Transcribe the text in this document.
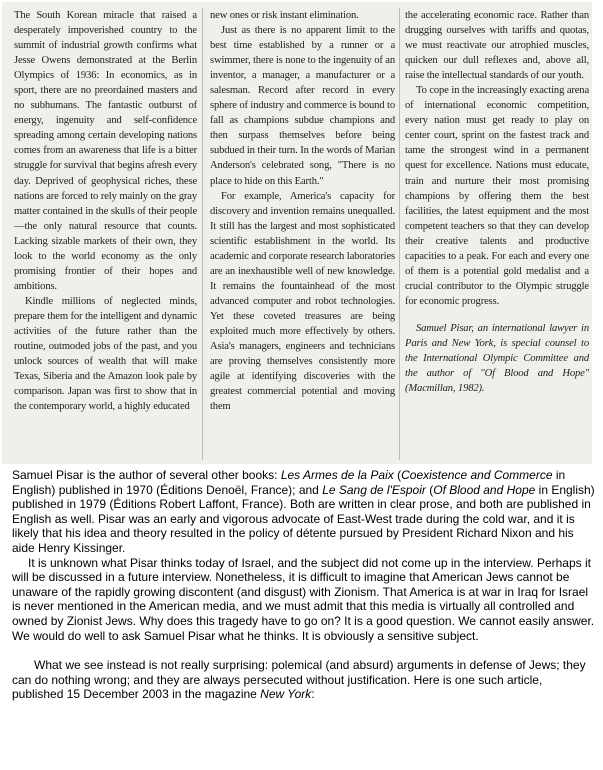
The South Korean miracle that raised a desperately impoverished country to the summit of industrial growth confirms what Jesse Owens demonstrated at the Berlin Olympics of 1936: In economics, as in sport, there are no preordained masters and no subhumans. The fantastic outburst of energy, ingenuity and self-confidence spreading among certain developing nations comes from an awareness that life is a bitter struggle for survival that begins afresh every day. Deprived of geophysical riches, these nations are forced to rely mainly on the gray matter contained in the skulls of their people—the only natural resource that counts. Lacking sizable markets of their own, they look to the world economy as the only promising frontier of their hopes and ambitions.

Kindle millions of neglected minds, prepare them for the intelligent and dynamic activities of the future rather than the routine, outmoded jobs of the past, and you unlock sources of wealth that will make Texas, Siberia and the Amazon look pale by comparison. Japan was first to show that in the contemporary world, a highly educated

new ones or risk instant elimination.

Just as there is no apparent limit to the best time established by a runner or a swimmer, there is none to the ingenuity of an inventor, a manager, a manufacturer or a salesman. Record after record in every sphere of industry and commerce is bound to fall as champions subdue champions and then surpass themselves before being subdued in their turn. In the words of Marian Anderson's celebrated song, "There is no place to hide on this Earth."

For example, America's capacity for discovery and invention remains unequalled. It still has the largest and most sophisticated scientific establishment in the world. Its academic and corporate research laboratories are an inexhaustible well of new knowledge. It remains the fountainhead of the most advanced computer and robot technologies. Yet these coveted treasures are being exploited much more effectively by others. Asia's managers, engineers and technicians are proving themselves consistently more agile at identifying discoveries with the greatest commercial potential and moving them

the accelerating economic race. Rather than drugging ourselves with tariffs and quotas, we must reactivate our atrophied muscles, quicken our dull reflexes and, above all, raise the intellectual standards of our youth.

To cope in the increasingly exacting arena of international economic competition, every nation must get ready to play on center court, sprint on the fastest track and tame the strongest wind in a permanent quest for excellence. Nations must educate, train and nurture their most promising champions by offering them the best facilities, the latest equipment and the most competent teachers so that they can develop their creative talents and productive capacities to a peak. For each and every one of them is a potential gold medalist and a crucial contributor to the Olympic struggle for economic progress.

Samuel Pisar, an international lawyer in Paris and New York, is special counsel to the International Olympic Committee and the author of "Of Blood and Hope" (Macmillan, 1982).

Samuel Pisar is the author of several other books: Les Armes de la Paix (Coexistence and Commerce in English) published in 1970 (Éditions Denoël, France); and Le Sang de l'Espoir (Of Blood and Hope in English) published in 1979 (Éditions Robert Laffont, France). Both are written in clear prose, and both are published in English as well. Pisar was an early and vigorous advocate of East-West trade during the cold war, and it is likely that his idea and theory resulted in the policy of détente pursued by President Richard Nixon and his aide Henry Kissinger.

It is unknown what Pisar thinks today of Israel, and the subject did not come up in the interview. Perhaps it will be discussed in a future interview. Nonetheless, it is difficult to imagine that American Jews cannot be unaware of the rapidly growing discontent (and disgust) with Zionism. That America is at war in Iraq for Israel is never mentioned in the American media, and we must admit that this media is virtually all controlled and owned by Zionist Jews. Why does this tragedy have to go on? It is a good question. We cannot easily answer. We would do well to ask Samuel Pisar what he thinks. It is obviously a sensitive subject.

What we see instead is not really surprising: polemical (and absurd) arguments in defense of Jews; they can do nothing wrong; and they are always persecuted without justification. Here is one such article, published 15 December 2003 in the magazine New York:
